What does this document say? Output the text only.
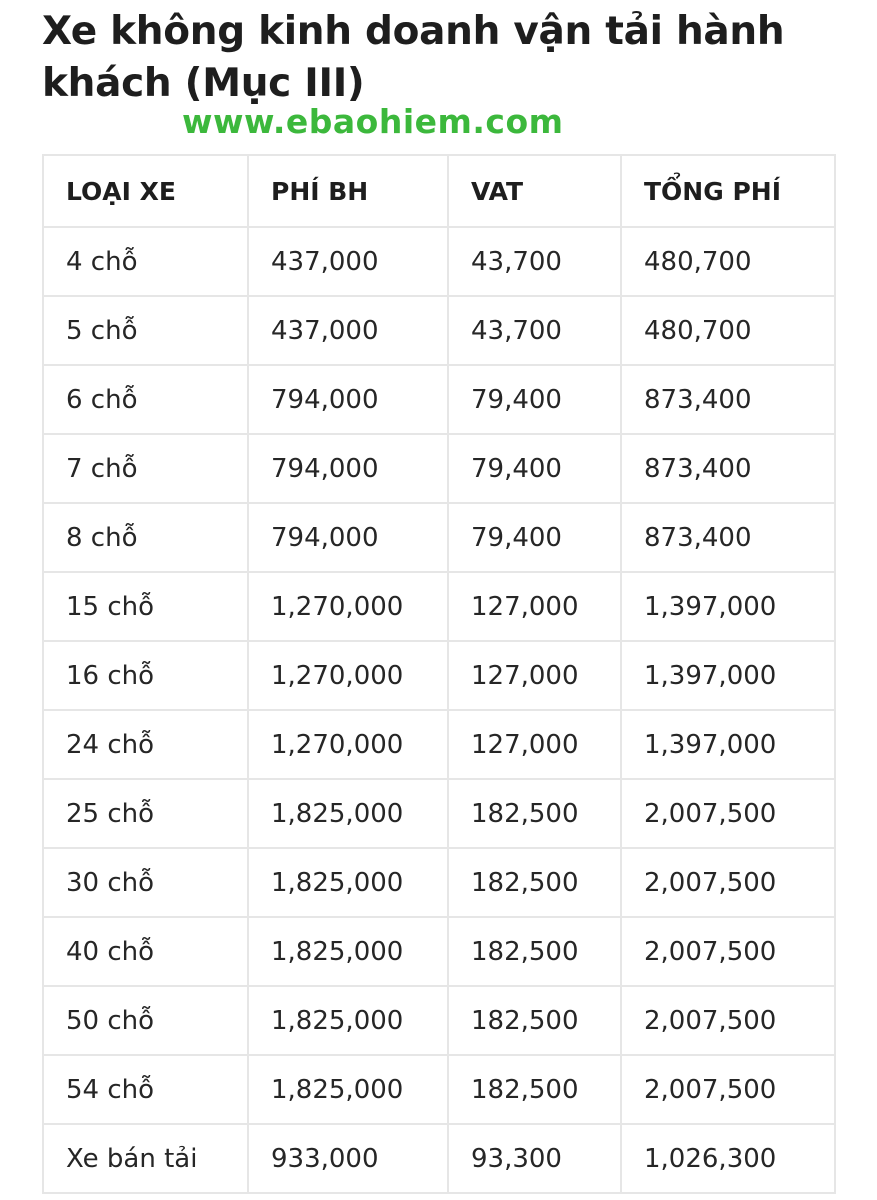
Xe không kinh doanh vận tải hành khách (Mục III)
www.ebaohiem.com
LOẠI XE	PHÍ BH	VAT	TỔNG PHÍ
4 chỗ	437,000	43,700	480,700
5 chỗ	437,000	43,700	480,700
6 chỗ	794,000	79,400	873,400
7 chỗ	794,000	79,400	873,400
8 chỗ	794,000	79,400	873,400
15 chỗ	1,270,000	127,000	1,397,000
16 chỗ	1,270,000	127,000	1,397,000
24 chỗ	1,270,000	127,000	1,397,000
25 chỗ	1,825,000	182,500	2,007,500
30 chỗ	1,825,000	182,500	2,007,500
40 chỗ	1,825,000	182,500	2,007,500
50 chỗ	1,825,000	182,500	2,007,500
54 chỗ	1,825,000	182,500	2,007,500
Xe bán tải	933,000	93,300	1,026,300
